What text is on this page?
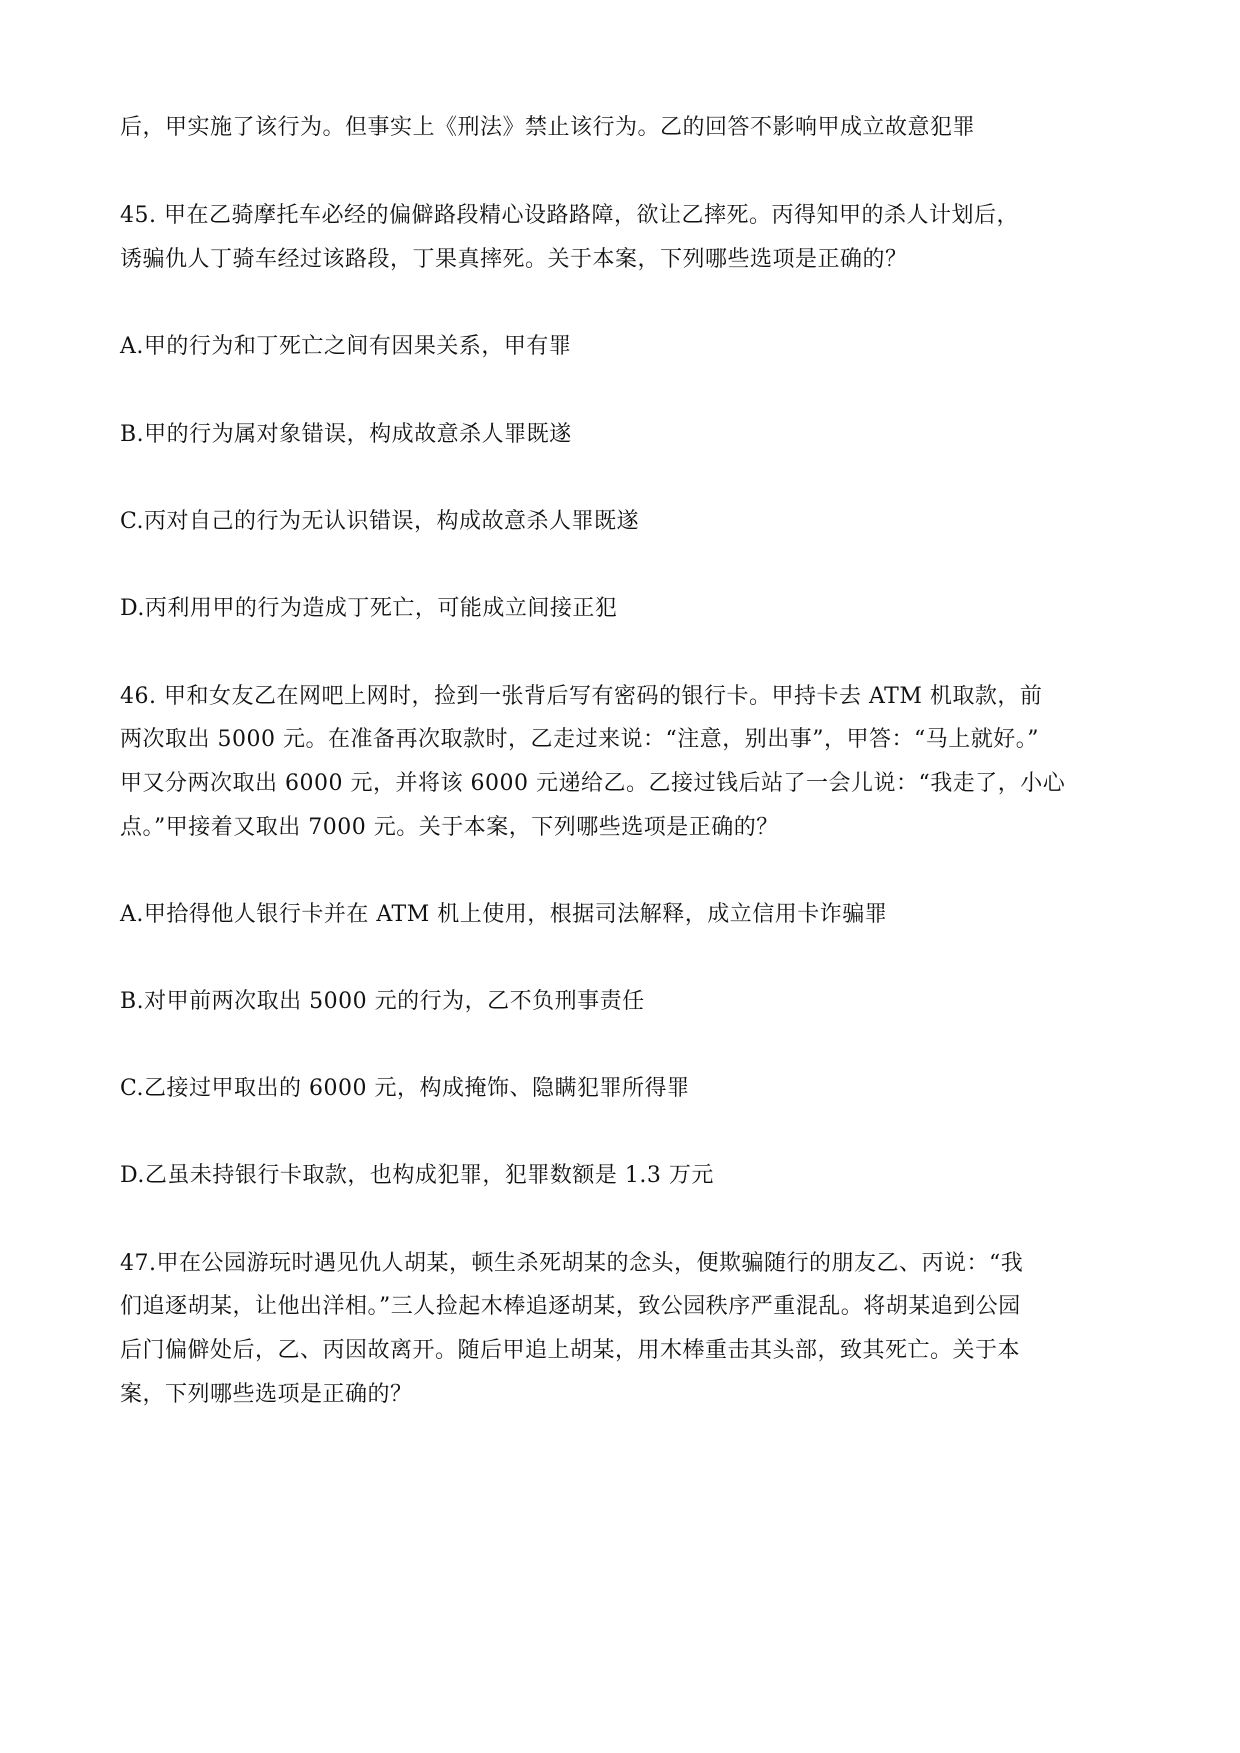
后，甲实施了该行为。但事实上《刑法》禁止该行为。乙的回答不影响甲成立故意犯罪
45. 甲在乙骑摩托车必经的偏僻路段精心设路路障，欲让乙摔死。丙得知甲的杀人计划后，
诱骗仇人丁骑车经过该路段，丁果真摔死。关于本案，下列哪些选项是正确的？
A.甲的行为和丁死亡之间有因果关系，甲有罪
B.甲的行为属对象错误，构成故意杀人罪既遂
C.丙对自己的行为无认识错误，构成故意杀人罪既遂
D.丙利用甲的行为造成丁死亡，可能成立间接正犯
46. 甲和女友乙在网吧上网时，捡到一张背后写有密码的银行卡。甲持卡去 ATM 机取款，前
两次取出 5000 元。在准备再次取款时，乙走过来说：“注意，别出事”，甲答：“马上就好。”
甲又分两次取出 6000 元，并将该 6000 元递给乙。乙接过钱后站了一会儿说：“我走了，小心
点。”甲接着又取出 7000 元。关于本案，下列哪些选项是正确的？
A.甲拾得他人银行卡并在 ATM 机上使用，根据司法解释，成立信用卡诈骗罪
B.对甲前两次取出 5000 元的行为，乙不负刑事责任
C.乙接过甲取出的 6000 元，构成掩饰、隐瞒犯罪所得罪
D.乙虽未持银行卡取款，也构成犯罪，犯罪数额是 1.3 万元
47.甲在公园游玩时遇见仇人胡某，顿生杀死胡某的念头，便欺骗随行的朋友乙、丙说：“我
们追逐胡某，让他出洋相。”三人捡起木棒追逐胡某，致公园秩序严重混乱。将胡某追到公园
后门偏僻处后，乙、丙因故离开。随后甲追上胡某，用木棒重击其头部，致其死亡。关于本
案，下列哪些选项是正确的？
